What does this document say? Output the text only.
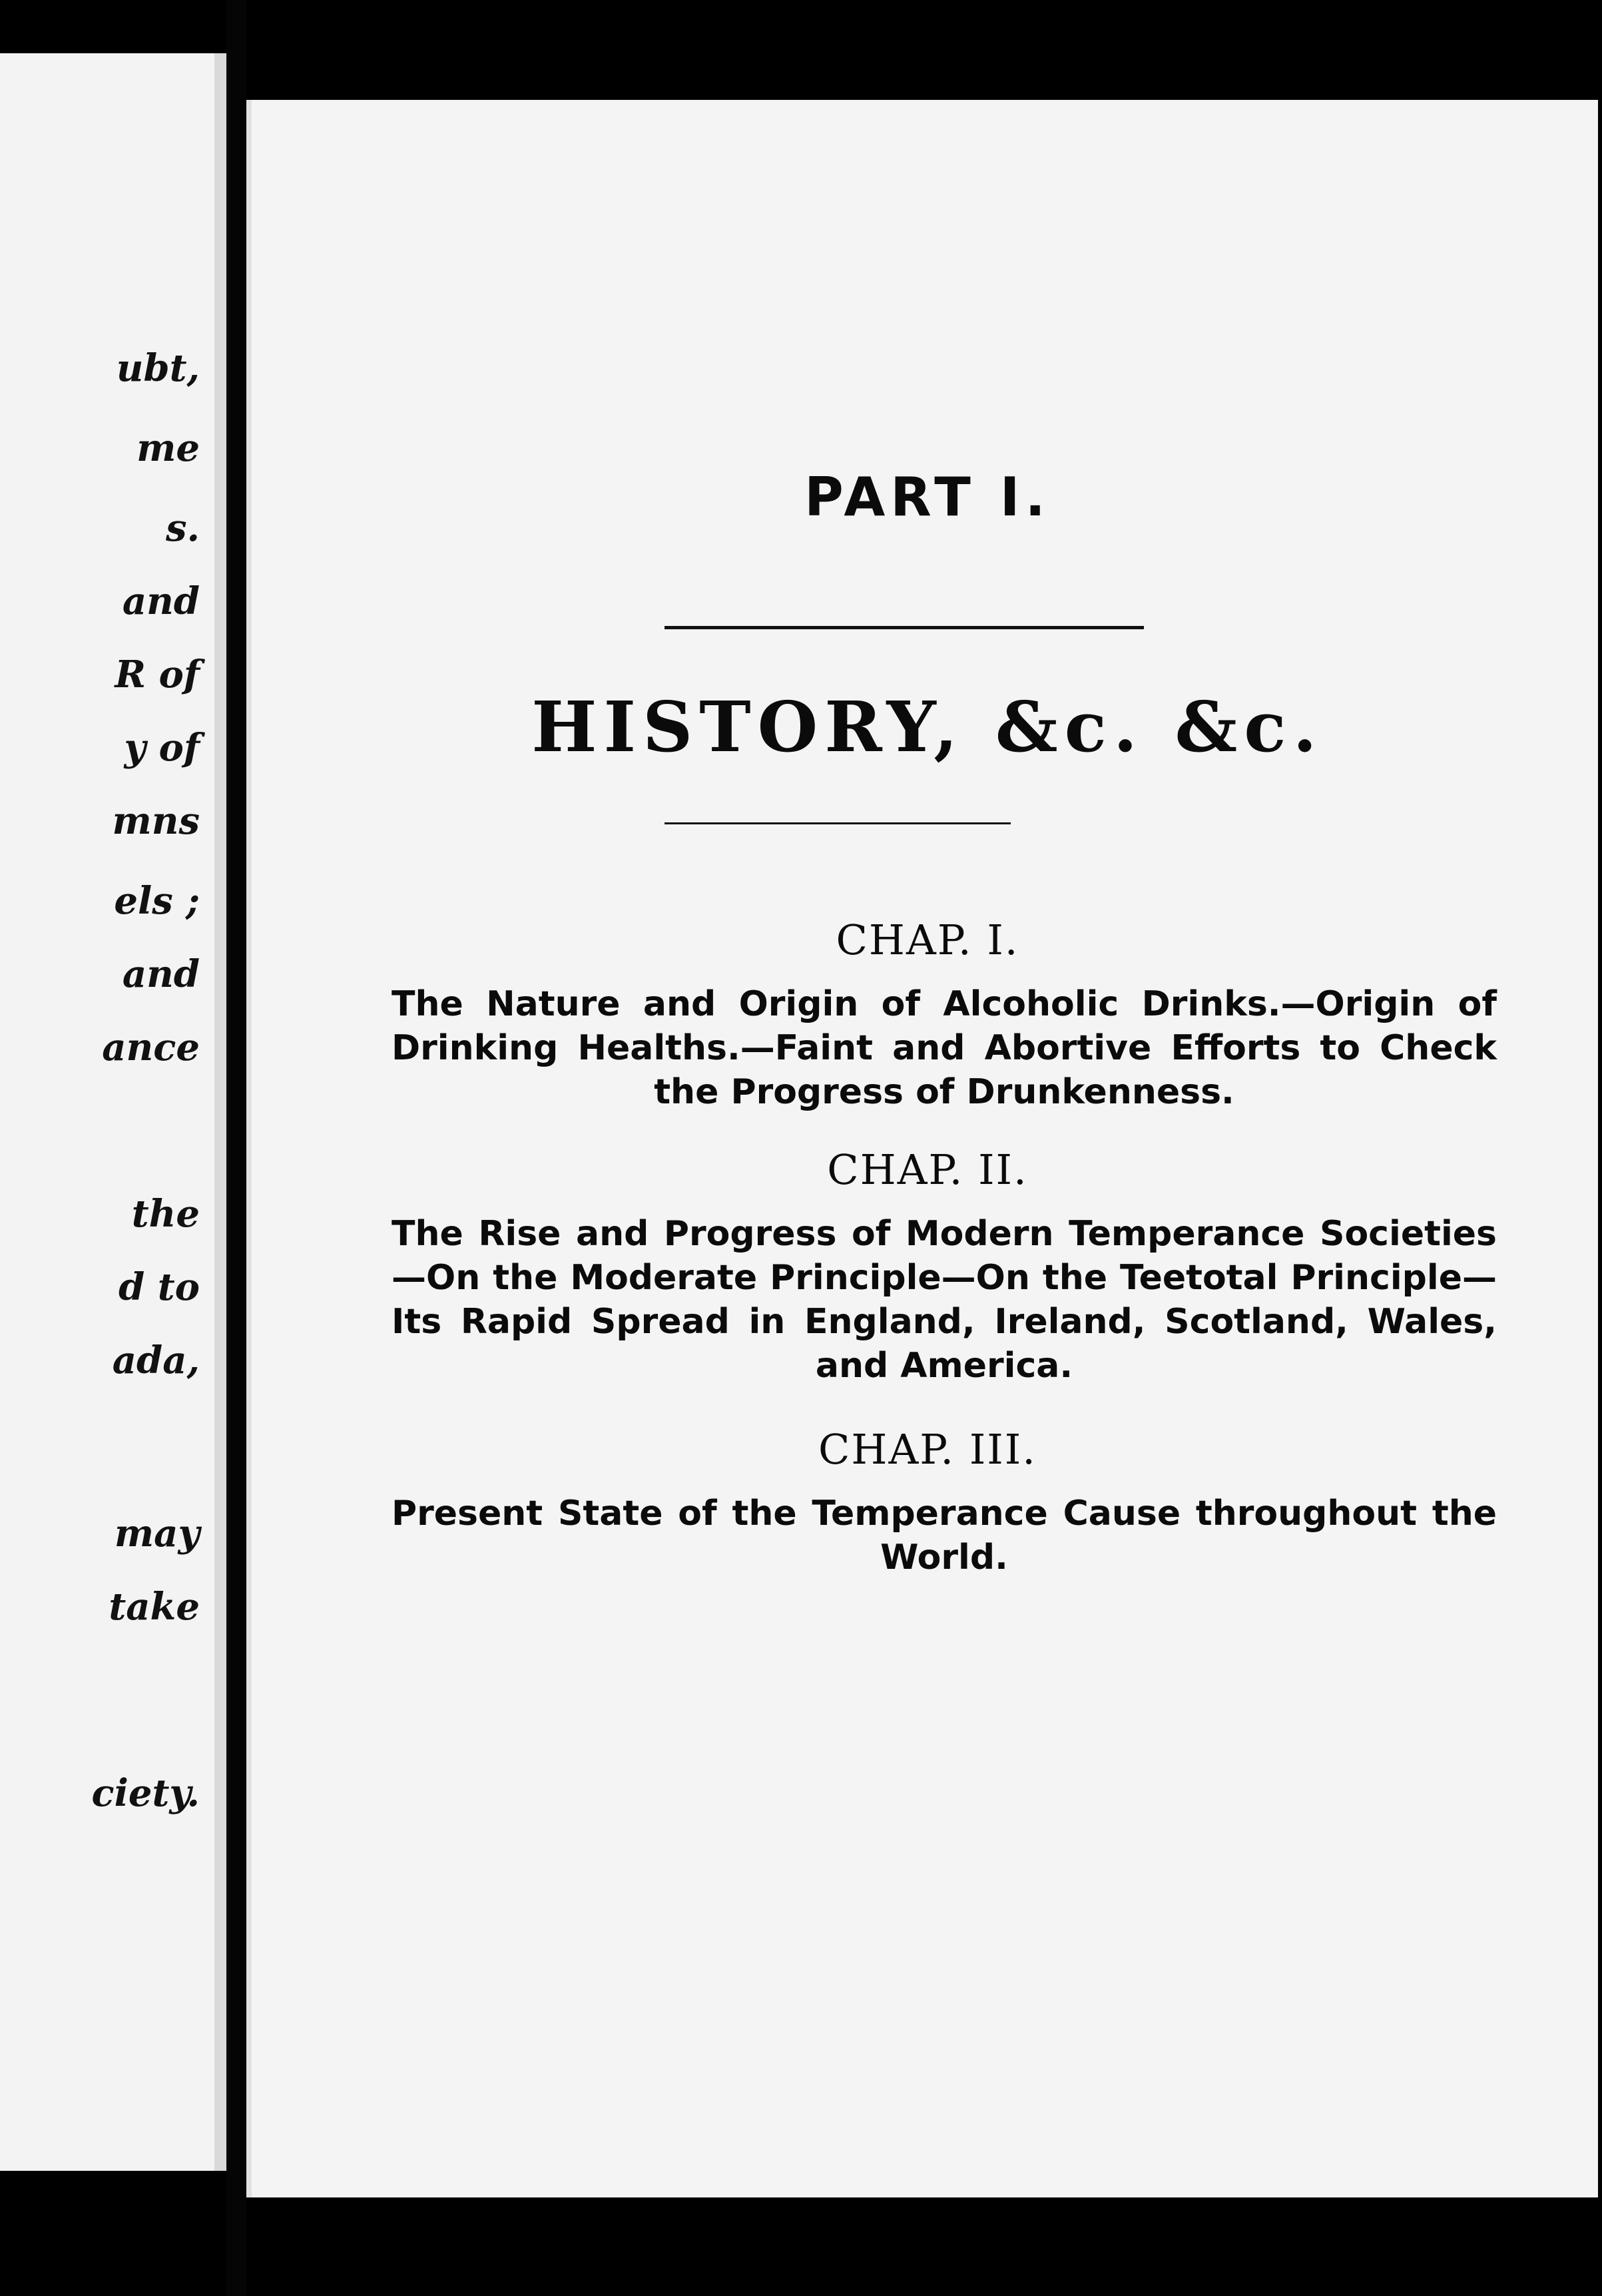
ubt,
me
s.
and
R of
y of
mns
els ;
and
ance
the
d to
ada,
may
take
ciety.
PART I.
HISTORY, &c. &c.
CHAP. I.

The Nature and Origin of Alcoholic Drinks.—Origin of Drinking Healths.—Faint and Abortive Efforts to Check the Progress of Drunkenness.

CHAP. II.

The Rise and Progress of Modern Temperance Societies—On the Moderate Principle—On the Teetotal Principle—Its Rapid Spread in England, Ireland, Scotland, Wales, and America.

CHAP. III.

Present State of the Temperance Cause throughout the World.
